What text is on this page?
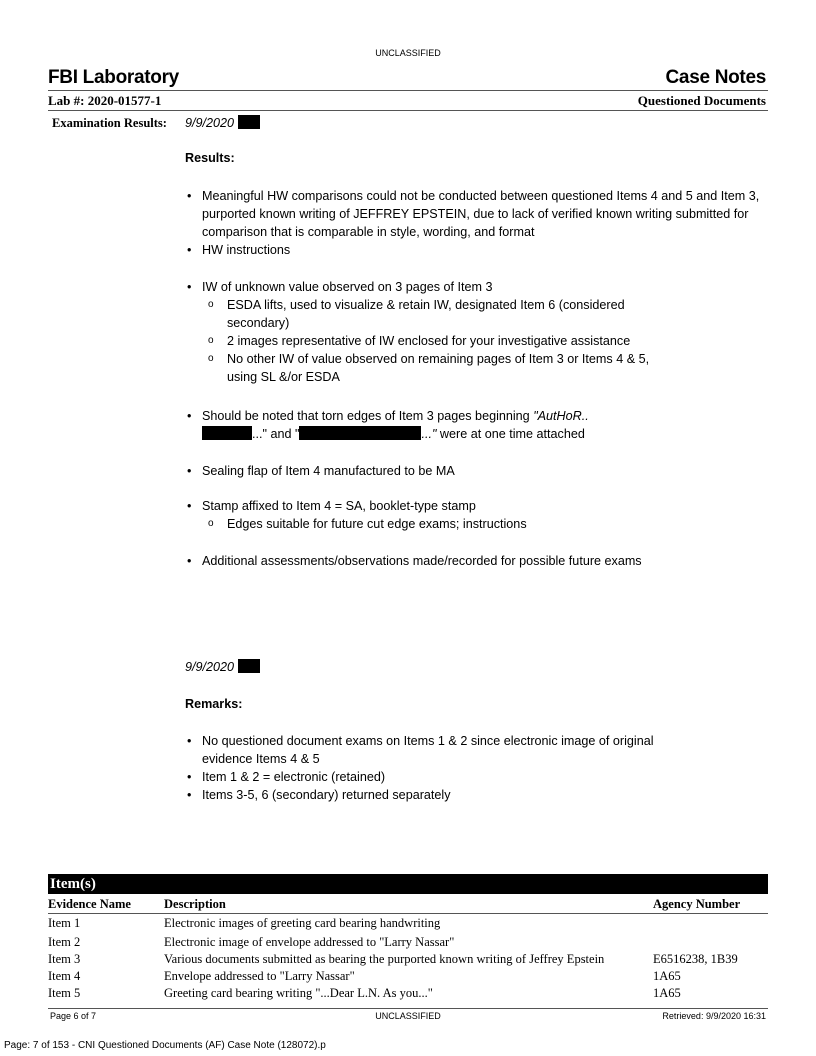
UNCLASSIFIED
FBI Laboratory	Case Notes
Lab #: 2020-01577-1	Questioned Documents
Examination Results: 9/9/2020
Results:
• Meaningful HW comparisons could not be conducted between questioned Items 4 and 5 and Item 3, purported known writing of JEFFREY EPSTEIN, due to lack of verified known writing submitted for comparison that is comparable in style, wording, and format
• HW instructions
• IW of unknown value observed on 3 pages of Item 3
o ESDA lifts, used to visualize & retain IW, designated Item 6 (considered secondary)
o 2 images representative of IW enclosed for your investigative assistance
o No other IW of value observed on remaining pages of Item 3 or Items 4 & 5, using SL &/or ESDA
• Should be noted that torn edges of Item 3 pages beginning "AutHoR..
..." and "	..." were at one time attached
• Sealing flap of Item 4 manufactured to be MA
• Stamp affixed to Item 4 = SA, booklet-type stamp
o Edges suitable for future cut edge exams; instructions
• Additional assessments/observations made/recorded for possible future exams
9/9/2020
Remarks:
• No questioned document exams on Items 1 & 2 since electronic image of original evidence Items 4 & 5
• Item 1 & 2 = electronic (retained)
• Items 3-5, 6 (secondary) returned separately
Item(s)
Evidence Name	Description	Agency Number
Item 1	Electronic images of greeting card bearing handwriting	
Item 2	Electronic image of envelope addressed to "Larry Nassar"	
Item 3	Various documents submitted as bearing the purported known writing of Jeffrey Epstein	E6516238, 1B39
Item 4	Envelope addressed to "Larry Nassar"	1A65
Item 5	Greeting card bearing writing "...Dear L.N. As you..."	1A65
Page 6 of 7	UNCLASSIFIED	Retrieved: 9/9/2020 16:31
Page: 7 of 153 - CNI Questioned Documents (AF) Case Note (128072).p
